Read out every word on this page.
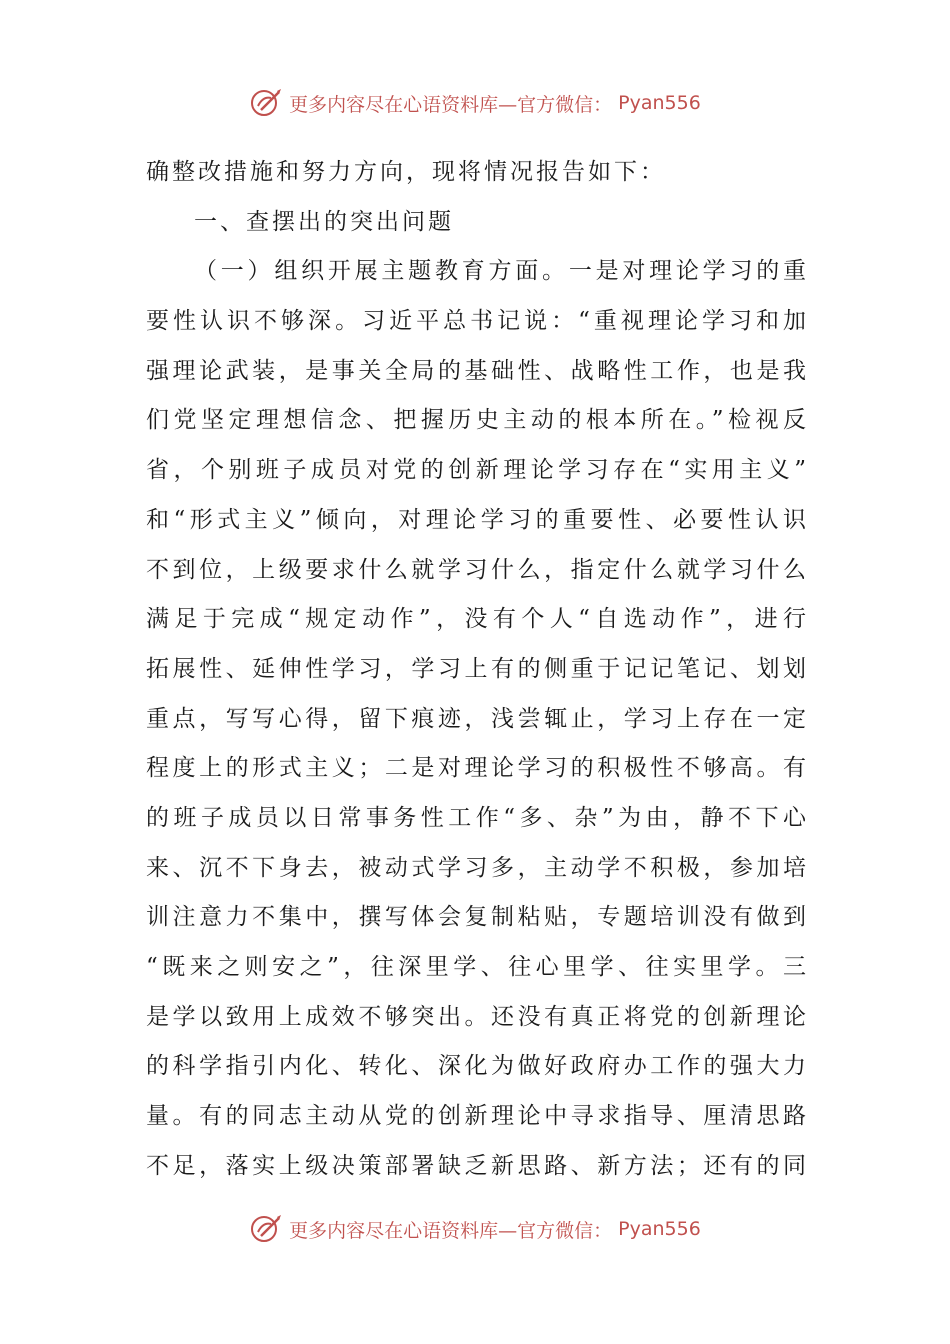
更多内容尽在心语资料库—官方微信： Pyan556
确整改措施和努力方向，现将情况报告如下：
一、查摆出的突出问题
（一）组织开展主题教育方面。一是对理论学习的重
要性认识不够深。习近平总书记说：“重视理论学习和加
强理论武装，是事关全局的基础性、战略性工作，也是我
们党坚定理想信念、把握历史主动的根本所在。”检视反
省，个别班子成员对党的创新理论学习存在“实用主义”
和“形式主义”倾向，对理论学习的重要性、必要性认识
不到位，上级要求什么就学习什么，指定什么就学习什么
满足于完成“规定动作”，没有个人“自选动作”，进行
拓展性、延伸性学习，学习上有的侧重于记记笔记、划划
重点，写写心得，留下痕迹，浅尝辄止，学习上存在一定
程度上的形式主义；二是对理论学习的积极性不够高。有
的班子成员以日常事务性工作“多、杂”为由，静不下心
来、沉不下身去，被动式学习多，主动学不积极，参加培
训注意力不集中，撰写体会复制粘贴，专题培训没有做到
“既来之则安之”，往深里学、往心里学、往实里学。三
是学以致用上成效不够突出。还没有真正将党的创新理论
的科学指引内化、转化、深化为做好政府办工作的强大力
量。有的同志主动从党的创新理论中寻求指导、厘清思路
不足，落实上级决策部署缺乏新思路、新方法；还有的同
更多内容尽在心语资料库—官方微信： Pyan556
